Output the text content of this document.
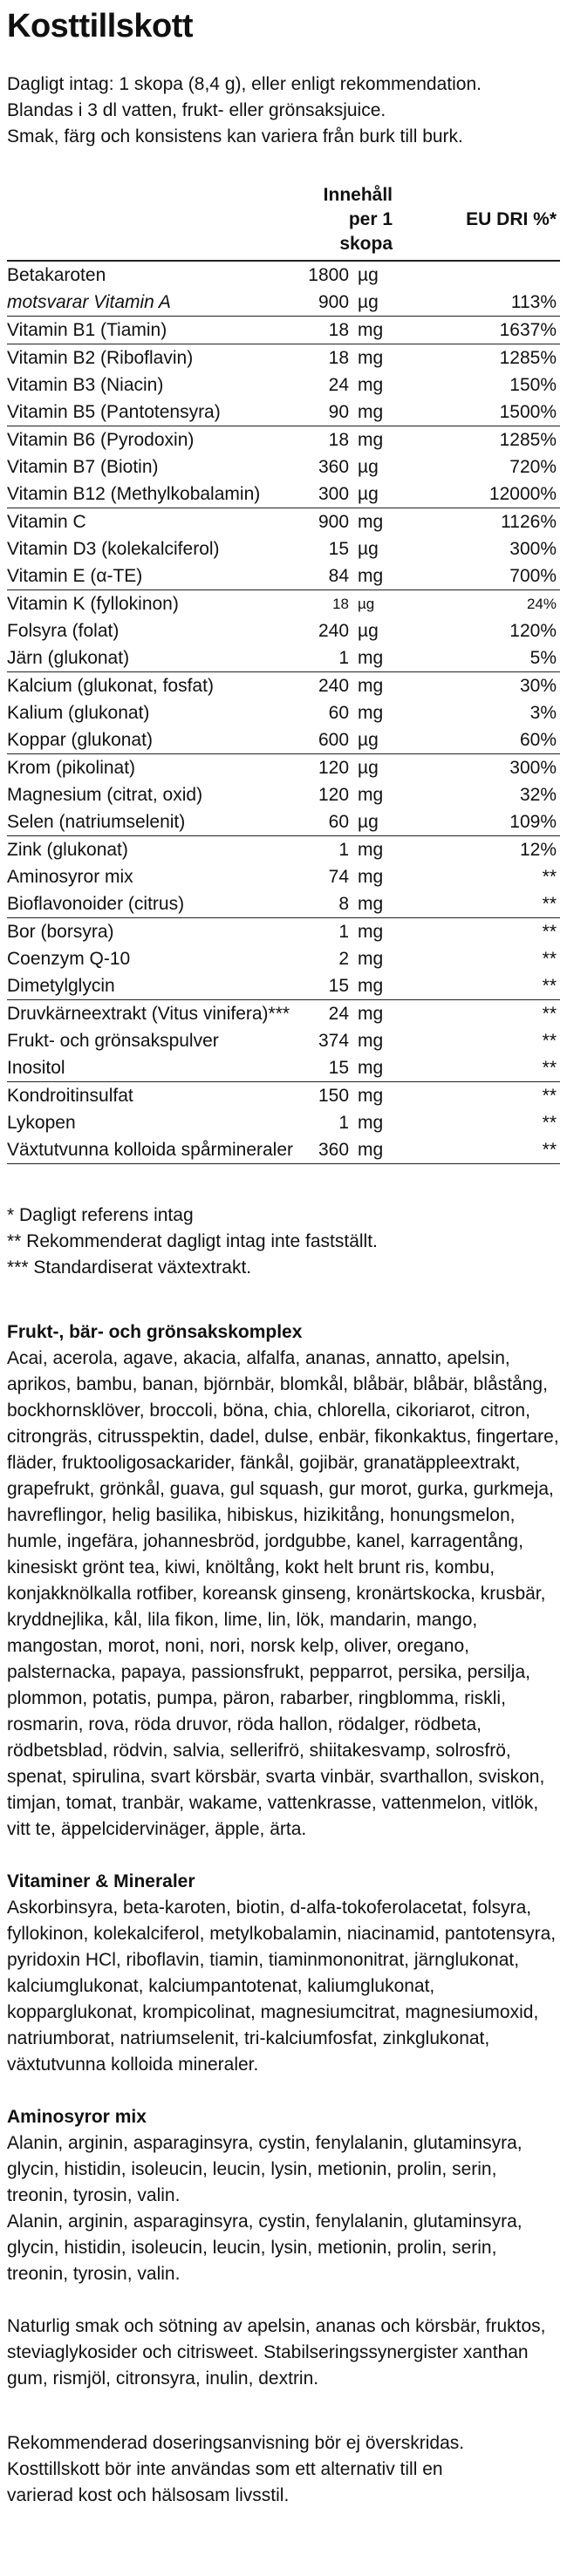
Kosttillskott

Dagligt intag: 1 skopa (8,4 g), eller enligt rekommendation.

Blandas i 3 dl vatten, frukt- eller grönsaksjuice.

Smak, färg och konsistens kan variera från burk till burk.

	Innehåll per 1 skopa		EU DRI %*
Betakaroten	1800	µg	
motsvarar Vitamin A	900	µg	113%
Vitamin B1 (Tiamin)	18	mg	1637%
Vitamin B2 (Riboflavin)	18	mg	1285%
Vitamin B3 (Niacin)	24	mg	150%
Vitamin B5 (Pantotensyra)	90	mg	1500%
Vitamin B6 (Pyrodoxin)	18	mg	1285%
Vitamin B7 (Biotin)	360	µg	720%
Vitamin B12 (Methylkobalamin)	300	µg	12000%
Vitamin C	900	mg	1126%
Vitamin D3 (kolekalciferol)	15	µg	300%
Vitamin E (α-TE)	84	mg	700%
Vitamin K (fyllokinon)	18	µg	24%
Folsyra (folat)	240	µg	120%
Järn (glukonat)	1	mg	5%
Kalcium (glukonat, fosfat)	240	mg	30%
Kalium (glukonat)	60	mg	3%
Koppar (glukonat)	600	µg	60%
Krom (pikolinat)	120	µg	300%
Magnesium (citrat, oxid)	120	mg	32%
Selen (natriumselenit)	60	µg	109%
Zink (glukonat)	1	mg	12%
Aminosyror mix	74	mg	**
Bioflavonoider (citrus)	8	mg	**
Bor (borsyra)	1	mg	**
Coenzym Q-10	2	mg	**
Dimetylglycin	15	mg	**
Druvkärneextrakt (Vitus vinifera)***	24	mg	**
Frukt- och grönsakspulver	374	mg	**
Inositol	15	mg	**
Kondroitinsulfat	150	mg	**
Lykopen	1	mg	**
Växtutvunna kolloida spårmineraler	360	mg	**

* Dagligt referens intag

** Rekommenderat dagligt intag inte fastställt.

*** Standardiserat växtextrakt.

Frukt-, bär- och grönsakskomplex

Acai, acerola, agave, akacia, alfalfa, ananas, annatto, apelsin,

aprikos, bambu, banan, björnbär, blomkål, blåbär, blåbär, blåstång,

bockhornsklöver, broccoli, böna, chia, chlorella, cikoriarot, citron,

citrongräs, citrusspektin, dadel, dulse, enbär, fikonkaktus, fingertare,

fläder, fruktooligosackarider, fänkål, gojibär, granatäppleextrakt,

grapefrukt, grönkål, guava, gul squash, gur morot, gurka, gurkmeja,

havreflingor, helig basilika, hibiskus, hizikitång, honungsmelon,

humle, ingefära, johannesbröd, jordgubbe, kanel, karragentång,

kinesiskt grönt tea, kiwi, knöltång, kokt helt brunt ris, kombu,

konjakknölkalla rotfiber, koreansk ginseng, kronärtskocka, krusbär,

kryddnejlika, kål, lila fikon, lime, lin, lök, mandarin, mango,

mangostan, morot, noni, nori, norsk kelp, oliver, oregano,

palsternacka, papaya, passionsfrukt, pepparrot, persika, persilja,

plommon, potatis, pumpa, päron, rabarber, ringblomma, riskli,

rosmarin, rova, röda druvor, röda hallon, rödalger, rödbeta,

rödbetsblad, rödvin, salvia, sellerifrö, shiitakesvamp, solrosfrö,

spenat, spirulina, svart körsbär, svarta vinbär, svarthallon, sviskon,

timjan, tomat, tranbär, wakame, vattenkrasse, vattenmelon, vitlök,

vitt te, äppelcidervinäger, äpple, ärta.

Vitaminer & Mineraler

Askorbinsyra, beta-karoten, biotin, d-alfa-tokoferolacetat, folsyra,

fyllokinon, kolekalciferol, metylkobalamin, niacinamid, pantotensyra,

pyridoxin HCl, riboflavin, tiamin, tiaminmononitrat, järnglukonat,

kalciumglukonat, kalciumpantotenat, kaliumglukonat,

kopparglukonat, krompicolinat, magnesiumcitrat, magnesiumoxid,

natriumborat, natriumselenit, tri-kalciumfosfat, zinkglukonat,

växtutvunna kolloida mineraler.

Aminosyror mix

Alanin, arginin, asparaginsyra, cystin, fenylalanin, glutaminsyra,

glycin, histidin, isoleucin, leucin, lysin, metionin, prolin, serin,

treonin, tyrosin, valin.

Alanin, arginin, asparaginsyra, cystin, fenylalanin, glutaminsyra,

glycin, histidin, isoleucin, leucin, lysin, metionin, prolin, serin,

treonin, tyrosin, valin.

Naturlig smak och sötning av apelsin, ananas och körsbär, fruktos,

steviaglykosider och citrisweet. Stabilseringssynergister xanthan

gum, rismjöl, citronsyra, inulin, dextrin.

Rekommenderad doseringsanvisning bör ej överskridas.

Kosttillskott bör inte användas som ett alternativ till en

varierad kost och hälsosam livsstil.
